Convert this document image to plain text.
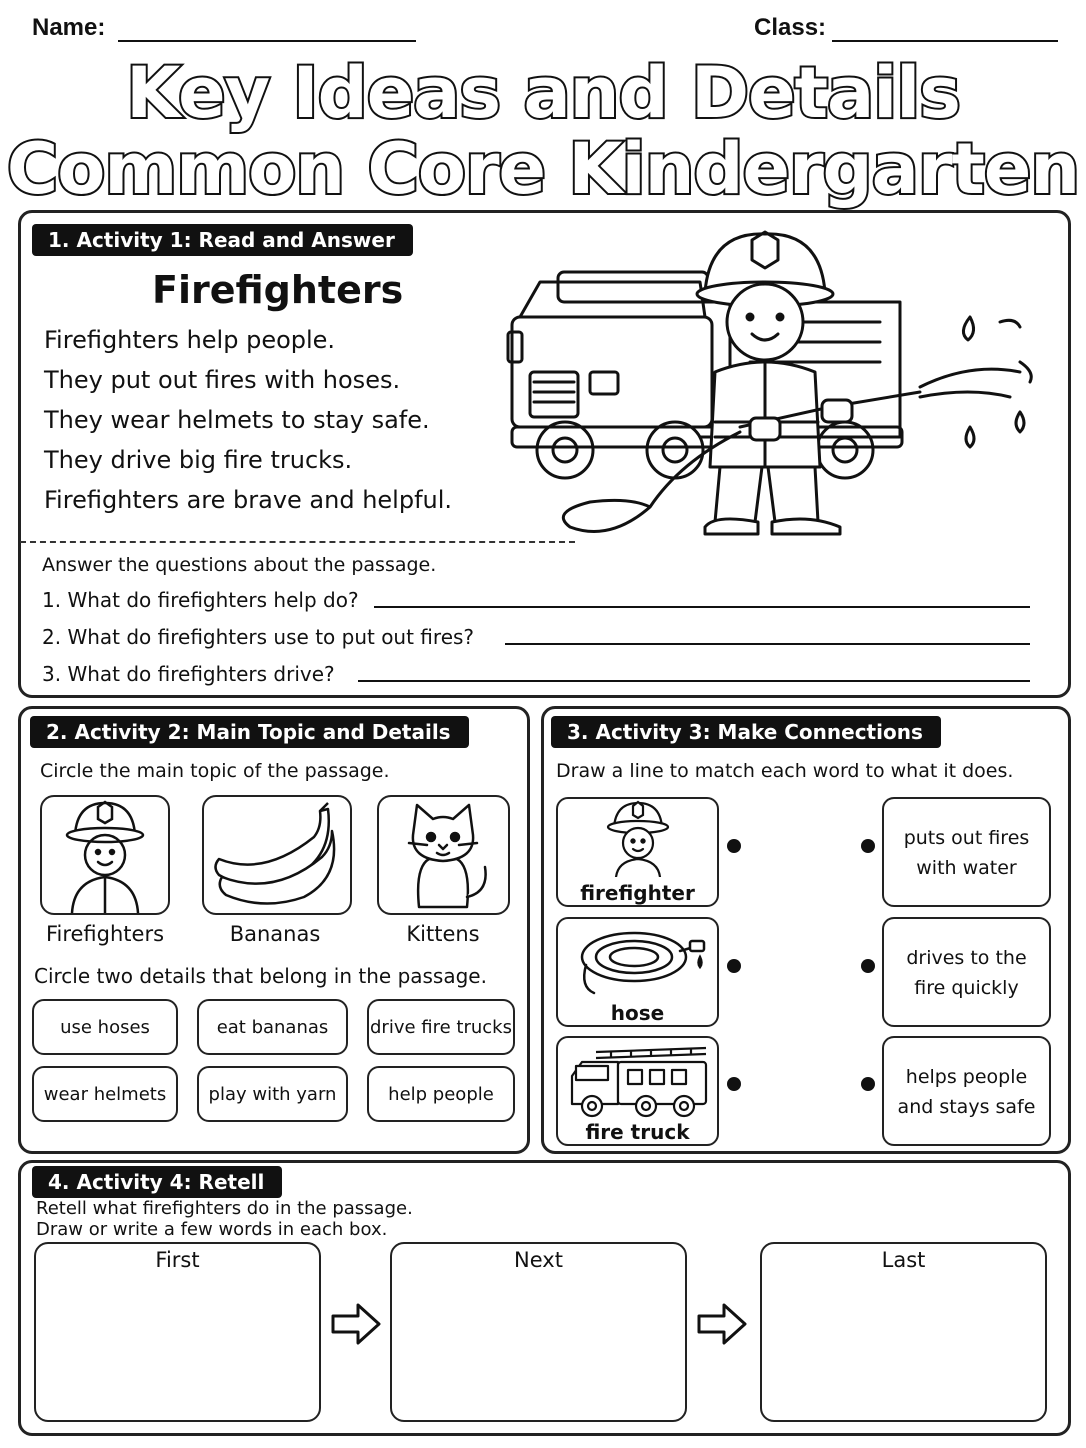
Name:	Class:
Key Ideas and Details
Common Core Kindergarten
1. Activity 1: Read and Answer
Firefighters
Firefighters help people.
They put out fires with hoses.
They wear helmets to stay safe.
They drive big fire trucks.
Firefighters are brave and helpful.
Answer the questions about the passage.
1. What do firefighters help do?
2. What do firefighters use to put out fires?
3. What do firefighters drive?
2. Activity 2: Main Topic and Details
Circle the main topic of the passage.
Firefighters	Bananas	Kittens
Circle two details that belong in the passage.
use hoses	eat bananas	drive fire trucks
wear helmets	play with yarn	help people
3. Activity 3: Make Connections
Draw a line to match each word to what it does.
firefighter
hose
fire truck
puts out fires
with water
drives to the
fire quickly
helps people
and stays safe
4. Activity 4: Retell
Retell what firefighters do in the passage.
Draw or write a few words in each box.
First	Next	Last
